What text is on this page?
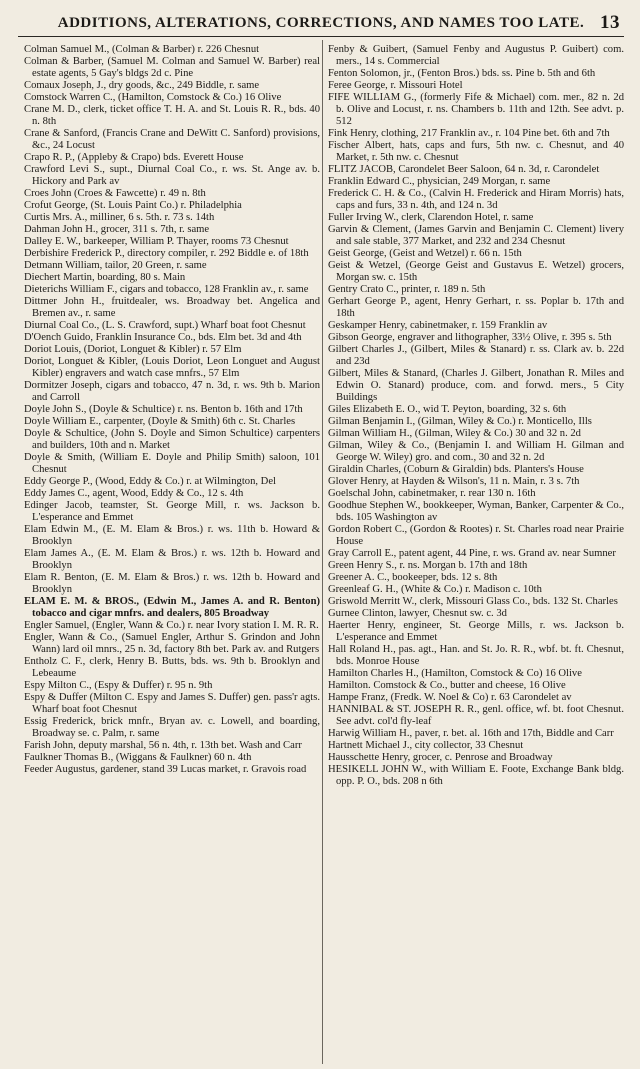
ADDITIONS, ALTERATIONS, CORRECTIONS, AND NAMES TOO LATE. 13
Colman Samuel M., (Colman & Barber) r. 226 Chesnut
Colman & Barber, (Samuel M. Colman and Samuel W. Barber) real estate agents, 5 Gay's bldgs 2d c. Pine
Comaux Joseph, J., dry goods, &c., 249 Biddle, r. same
Comstock Warren C., (Hamilton, Comstock & Co.) 16 Olive
Crane M. D., clerk, ticket office T. H. A. and St. Louis R. R., bds. 40 n. 8th
Crane & Sanford, (Francis Crane and DeWitt C. Sanford) provisions, &c., 24 Locust
Crapo R. P., (Appleby & Crapo) bds. Everett House
Crawford Levi S., supt., Diurnal Coal Co., r. ws. St. Ange av. b. Hickory and Park av
Croes John (Croes & Fawcette) r. 49 n. 8th
Crofut George, (St. Louis Paint Co.) r. Philadelphia
Curtis Mrs. A., milliner, 6 s. 5th. r. 73 s. 14th
Dahman John H., grocer, 311 s. 7th, r. same
Dalley E. W., barkeeper, William P. Thayer, rooms 73 Chesnut
Derbishire Frederick P., directory compiler, r. 292 Biddle e. of 18th
Detmann William, tailor, 20 Green, r. same
Diechert Martin, boarding, 80 s. Main
Dieterichs William F., cigars and tobacco, 128 Franklin av., r. same
Dittmer John H., fruitdealer, ws. Broadway bet. Angelica and Bremen av., r. same
Diurnal Coal Co., (L. S. Crawford, supt.) Wharf boat foot Chesnut
D'Oench Guido, Franklin Insurance Co., bds. Elm bet. 3d and 4th
Doriot Louis, (Doriot, Longuet & Kibler) r. 57 Elm
Doriot, Longuet & Kibler, (Louis Doriot, Leon Longuet and August Kibler) engravers and watch case mnfrs., 57 Elm
Dormitzer Joseph, cigars and tobacco, 47 n. 3d, r. ws. 9th b. Marion and Carroll
Doyle John S., (Doyle & Schultice) r. ns. Benton b. 16th and 17th
Doyle William E., carpenter, (Doyle & Smith) 6th c. St. Charles
Doyle & Schultice, (John S. Doyle and Simon Schultice) carpenters and builders, 10th and n. Market
Doyle & Smith, (William E. Doyle and Philip Smith) saloon, 101 Chesnut
Eddy George P., (Wood, Eddy & Co.) r. at Wilmington, Del
Eddy James C., agent, Wood, Eddy & Co., 12 s. 4th
Edinger Jacob, teamster, St. George Mill, r. ws. Jackson b. L'esperance and Emmet
Elam Edwin M., (E. M. Elam & Bros.) r. ws. 11th b. Howard & Brooklyn
Elam James A., (E. M. Elam & Bros.) r. ws. 12th b. Howard and Brooklyn
Elam R. Benton, (E. M. Elam & Bros.) r. ws. 12th b. Howard and Brooklyn
ELAM E. M. & BROS., (Edwin M., James A. and R. Benton) tobacco and cigar mnfrs. and dealers, 805 Broadway
Engler Samuel, (Engler, Wann & Co.) r. near Ivory station I. M. R. R.
Engler, Wann & Co., (Samuel Engler, Arthur S. Grindon and John Wann) lard oil mnrs., 25 n. 3d, factory 8th bet. Park av. and Rutgers
Entholz C. F., clerk, Henry B. Butts, bds. ws. 9th b. Brooklyn and Lebeaume
Espy Milton C., (Espy & Duffer) r. 95 n. 9th
Espy & Duffer (Milton C. Espy and James S. Duffer) gen. pass'r agts. Wharf boat foot Chesnut
Essig Frederick, brick mnfr., Bryan av. c. Lowell, and boarding, Broadway se. c. Palm, r. same
Farish John, deputy marshal, 56 n. 4th, r. 13th bet. Wash and Carr
Faulkner Thomas B., (Wiggans & Faulkner) 60 n. 4th
Feeder Augustus, gardener, stand 39 Lucas market, r. Gravois road
Fenby & Guibert, (Samuel Fenby and Augustus P. Guibert) com. mers., 14 s. Commercial
Fenton Solomon, jr., (Fenton Bros.) bds. ss. Pine b. 5th and 6th
Feree George, r. Missouri Hotel
FIFE WILLIAM G., (formerly Fife & Michael) com. mer., 82 n. 2d b. Olive and Locust, r. ns. Chambers b. 11th and 12th. See advt. p. 512
Fink Henry, clothing, 217 Franklin av., r. 104 Pine bet. 6th and 7th
Fischer Albert, hats, caps and furs, 5th nw. c. Chesnut, and 40 Market, r. 5th nw. c. Chesnut
FLITZ JACOB, Carondelet Beer Saloon, 64 n. 3d, r. Carondelet
Franklin Edward C., physician, 249 Morgan, r. same
Frederick C. H. & Co., (Calvin H. Frederick and Hiram Morris) hats, caps and furs, 33 n. 4th, and 124 n. 3d
Fuller Irving W., clerk, Clarendon Hotel, r. same
Garvin & Clement, (James Garvin and Benjamin C. Clement) livery and sale stable, 377 Market, and 232 and 234 Chesnut
Geist George, (Geist and Wetzel) r. 66 n. 15th
Geist & Wetzel, (George Geist and Gustavus E. Wetzel) grocers, Morgan sw. c. 15th
Gentry Crato C., printer, r. 189 n. 5th
Gerhart George P., agent, Henry Gerhart, r. ss. Poplar b. 17th and 18th
Geskamper Henry, cabinetmaker, r. 159 Franklin av
Gibson George, engraver and lithographer, 33½ Olive, r. 395 s. 5th
Gilbert Charles J., (Gilbert, Miles & Stanard) r. ss. Clark av. b. 22d and 23d
Gilbert, Miles & Stanard, (Charles J. Gilbert, Jonathan R. Miles and Edwin O. Stanard) produce, com. and forwd. mers., 5 City Buildings
Giles Elizabeth E. O., wid T. Peyton, boarding, 32 s. 6th
Gilman Benjamin I., (Gilman, Wiley & Co.) r. Monticello, Ills
Gilman William H., (Gilman, Wiley & Co.) 30 and 32 n. 2d
Gilman, Wiley & Co., (Benjamin I. and William H. Gilman and George W. Wiley) gro. and com., 30 and 32 n. 2d
Giraldin Charles, (Coburn & Giraldin) bds. Planters's House
Glover Henry, at Hayden & Wilson's, 11 n. Main, r. 3 s. 7th
Goelschal John, cabinetmaker, r. rear 130 n. 16th
Goodhue Stephen W., bookkeeper, Wyman, Banker, Carpenter & Co., bds. 105 Washington av
Gordon Robert C., (Gordon & Rootes) r. St. Charles road near Prairie House
Gray Carroll E., patent agent, 44 Pine, r. ws. Grand av. near Sumner
Green Henry S., r. ns. Morgan b. 17th and 18th
Greener A. C., bookeeper, bds. 12 s. 8th
Greenleaf G. H., (White & Co.) r. Madison c. 10th
Griswold Merritt W., clerk, Missouri Glass Co., bds. 132 St. Charles
Gurnee Clinton, lawyer, Chesnut sw. c. 3d
Haerter Henry, engineer, St. George Mills, r. ws. Jackson b. L'esperance and Emmet
Hall Roland H., pas. agt., Han. and St. Jo. R. R., wbf. bt. ft. Chesnut, bds. Monroe House
Hamilton Charles H., (Hamilton, Comstock & Co) 16 Olive
Hamilton. Comstock & Co., butter and cheese, 16 Olive
Hampe Franz, (Fredk. W. Noel & Co) r. 63 Carondelet av
HANNIBAL & ST. JOSEPH R. R., genl. office, wf. bt. foot Chesnut. See advt. col'd fly-leaf
Harwig William H., paver, r. bet. al. 16th and 17th, Biddle and Carr
Hartnett Michael J., city collector, 33 Chesnut
Hausschette Henry, grocer, c. Penrose and Broadway
HESIKELL JOHN W., with William E. Foote, Exchange Bank bldg. opp. P. O., bds. 208 n 6th
